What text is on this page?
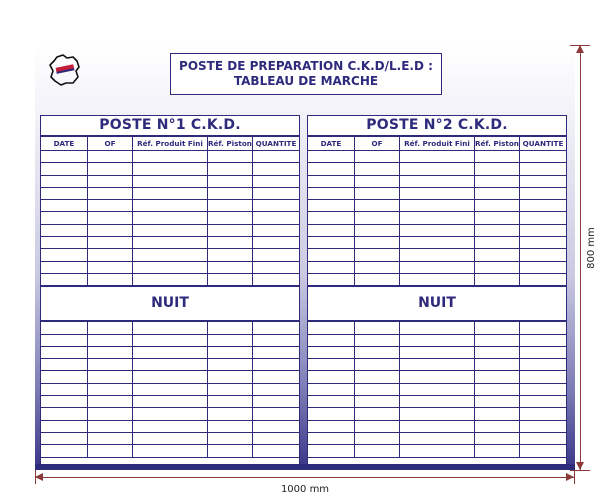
POSTE DE PREPARATION C.K.D/L.E.D :
TABLEAU DE MARCHE
POSTE N°1 C.K.D.
DATE	OF	Réf. Produit Fini	Réf. Piston	QUANTITE

NUIT

POSTE N°2 C.K.D.
DATE	OF	Réf. Produit Fini	Réf. Piston	QUANTITE

NUIT

800 mm
1000 mm
